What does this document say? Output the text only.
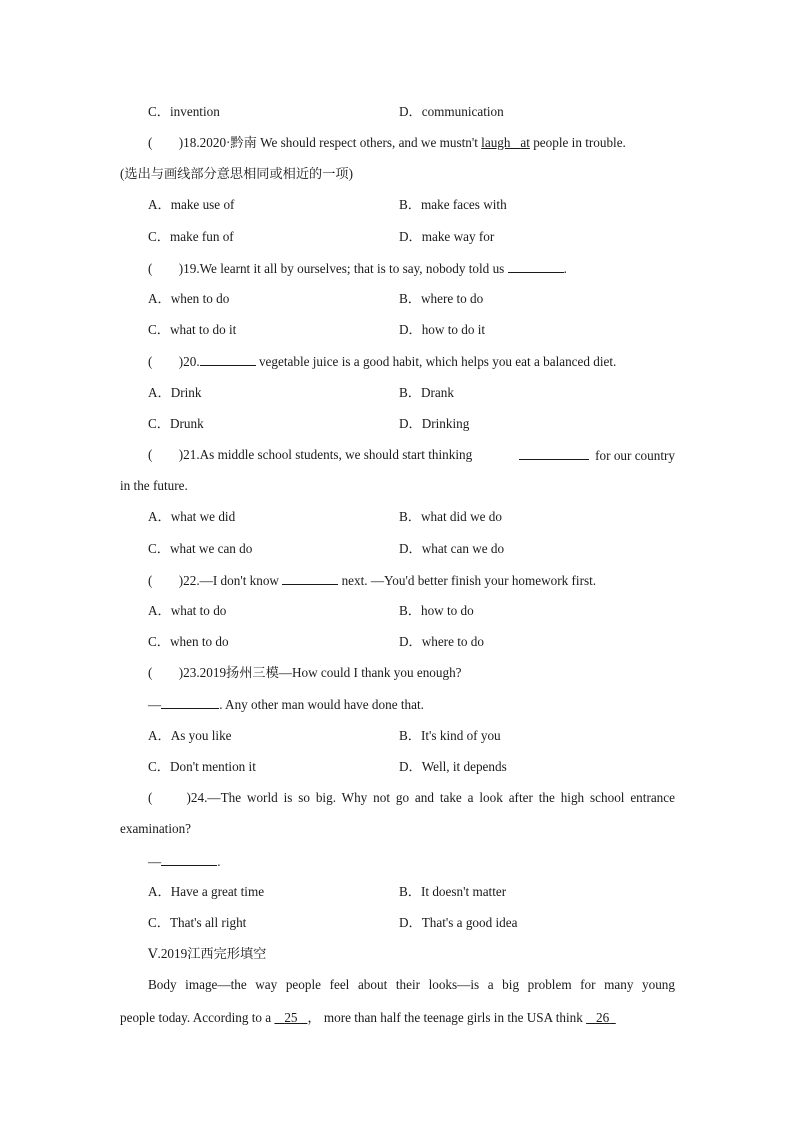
C．invention	D．communication
(　　)18.2020·黔南 We should respect others, and we mustn't laugh at people in trouble.
(选出与画线部分意思相同或相近的一项)
A．make use of	B．make faces with
C．make fun of	D．make way for
(　　)19.We learnt it all by ourselves; that is to say, nobody told us	.
A．when to do	B．where to do
C．what to do it	D．how to do it
(　　)20.	vegetable juice is a good habit, which helps you eat a balanced diet.
A．Drink	B．Drank
C．Drunk	D．Drinking
(　　)21.As middle school students, we should start thinking	for our country
in the future.
A．what we did	B．what did we do
C．what we can do	D．what can we do
(　　)22.—I don't know	next. —You'd better finish your homework first.
A．what to do	B．how to do
C．when to do	D．where to do
(　　)23.2019扬州三模—How could I thank you enough?
—	. Any other man would have done that.
A．As you like	B．It's kind of you
C．Don't mention it	D．Well, it depends
(　　)24.—The world is so big. Why not go and take a look after the high school entrance
examination?
—	.
A．Have a great time	B．It doesn't matter
C．That's all right	D．That's a good idea
Ⅴ.2019江西完形填空
Body image—the way people feel about their looks—is a big problem for many young
people today. According to a    25 ， more than half the teenage girls in the USA think    26
